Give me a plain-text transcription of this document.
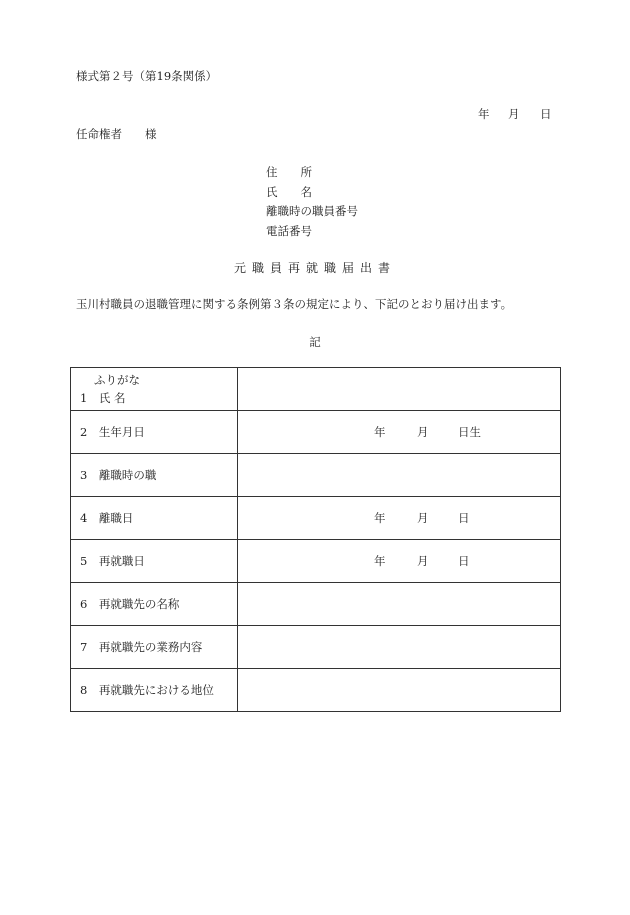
様式第２号（第19条関係）
年 月 日
任命権者　　様
住　　所
氏　　名
離職時の職員番号
電話番号
元職員再就職届出書
玉川村職員の退職管理に関する条例第３条の規定により、下記のとおり届け出ます。
記
ふりがな
1　氏 名	

2　生年月日	年 月 日生

3　離職時の職	
4　離職日	年 月 日

5　再就職日	年 月 日

6　再就職先の名称	
7　再就職先の業務内容	
8　再就職先における地位	
